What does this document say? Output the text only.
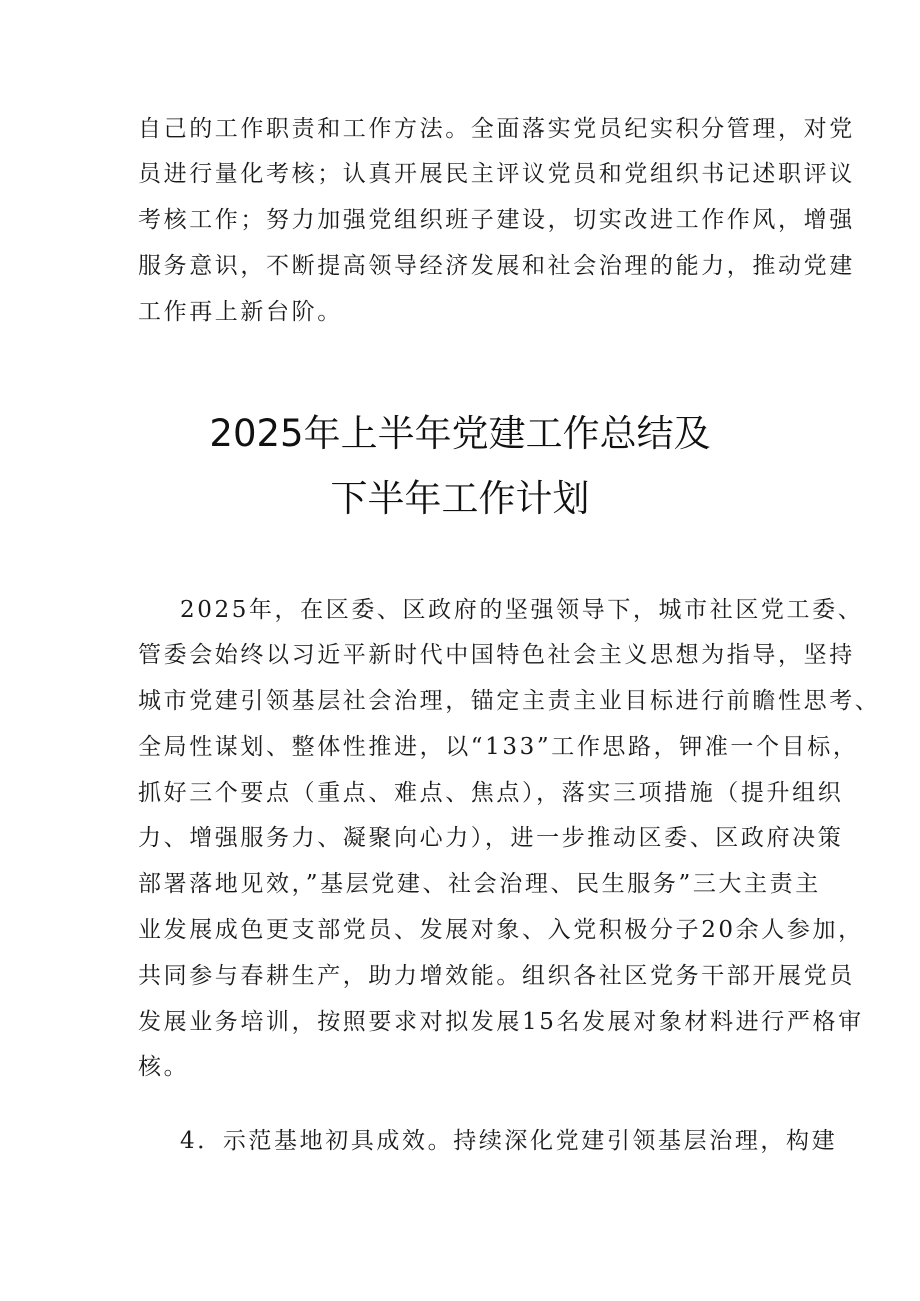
自己的工作职责和工作方法。全面落实党员纪实积分管理，对党
员进行量化考核；认真开展民主评议党员和党组织书记述职评议
考核工作；努力加强党组织班子建设，切实改进工作作风，增强
服务意识，不断提高领导经济发展和社会治理的能力，推动党建
工作再上新台阶。
2025年上半年党建工作总结及
下半年工作计划
2025年，在区委、区政府的坚强领导下，城市社区党工委、
管委会始终以习近平新时代中国特色社会主义思想为指导，坚持
城市党建引领基层社会治理，锚定主责主业目标进行前瞻性思考、
全局性谋划、整体性推进，以“133”工作思路，钾准一个目标，
抓好三个要点（重点、难点、焦点），落实三项措施（提升组织
力、增强服务力、凝聚向心力），进一步推动区委、区政府决策
部署落地见效，”基层党建、社会治理、民生服务”三大主责主
业发展成色更支部党员、发展对象、入党积极分子20余人参加，
共同参与春耕生产，助力增效能。组织各社区党务干部开展党员
发展业务培训，按照要求对拟发展15名发展对象材料进行严格审
核。
4．示范基地初具成效。持续深化党建引领基层治理，构建
